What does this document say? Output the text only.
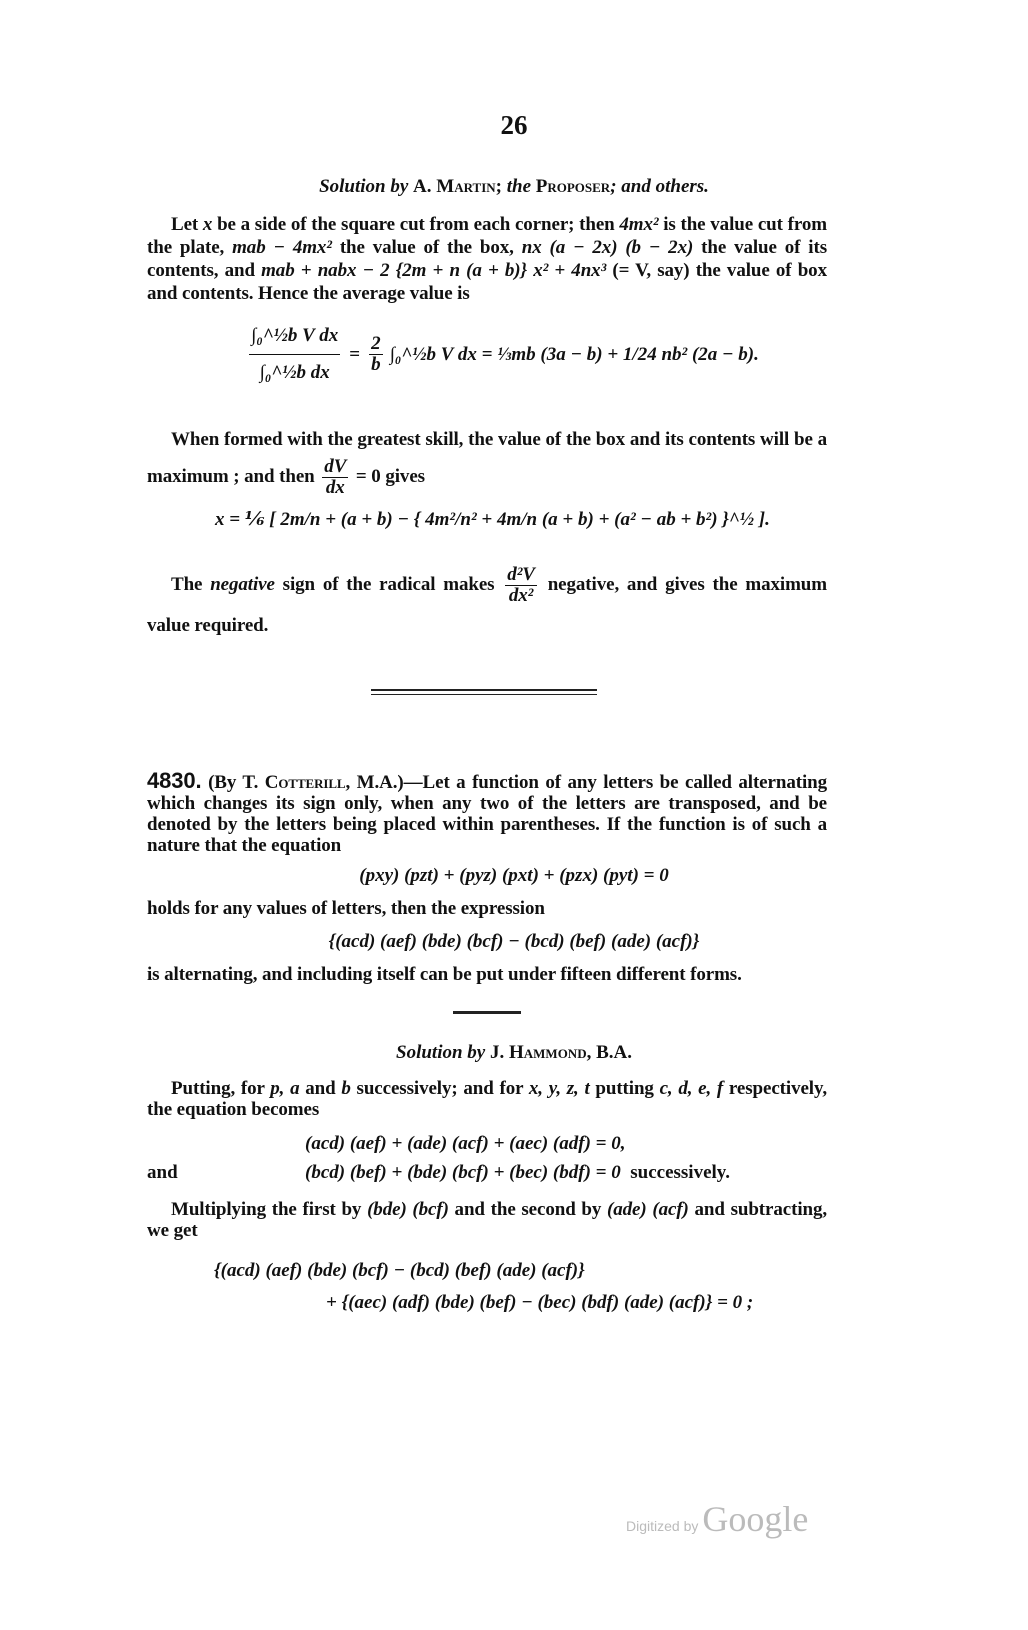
26
Solution by A. Martin; the Proposer; and others.
Let x be a side of the square cut from each corner; then 4mx² is the value cut from the plate, mab − 4mx² the value of the box, nx (a − 2x) (b − 2x) the value of its contents, and mab + nabx − 2 {2m + n (a + b)} x² + 4nx³ (= V, say) the value of box and contents. Hence the average value is
$\frac{\text{∫₀\textasciicircum{}½b V dx}}{\text{∫₀\textasciicircum{}½b dx}} = \frac{2}{b}$ ∫₀^½b V dx = ⅓mb (3a − b) + 1/24 nb² (2a − b).
When formed with the greatest skill, the value of the box and its contents will be a maximum ; and then $\frac{dV}{dx} = 0$ gives
x = ⅙ [ 2m/n + (a + b) − { 4m²/n² + 4m/n (a + b) + (a² − ab + b²) }^½ ].
The negative sign of the radical makes $\frac{\text{d²V}}{\text{dx²}}$ negative, and gives the maximum value required.
4830. (By T. Cotterill, M.A.)—Let a function of any letters be called alternating which changes its sign only, when any two of the letters are transposed, and be denoted by the letters being placed within parentheses. If the function is of such a nature that the equation
(pxy) (pzt) + (pyz) (pxt) + (pzx) (pyt) = 0
holds for any values of letters, then the expression
{(acd) (aef) (bde) (bcf) − (bcd) (bef) (ade) (acf)}
is alternating, and including itself can be put under fifteen different forms.
Solution by J. Hammond, B.A.
Putting, for p, a and b successively; and for x, y, z, t putting c, d, e, f respectively, the equation becomes
(acd) (aef) + (ade) (acf) + (aec) (adf) = 0,
and	(bcd) (bef) + (bde) (bcf) + (bec) (bdf) = 0 successively.
Multiplying the first by (bde) (bcf) and the second by (ade) (acf) and subtracting, we get
{(acd) (aef) (bde) (bcf) − (bcd) (bef) (ade) (acf)}
+ {(aec) (adf) (bde) (bef) − (bec) (bdf) (ade) (acf)} = 0 ;
Digitized by Google
